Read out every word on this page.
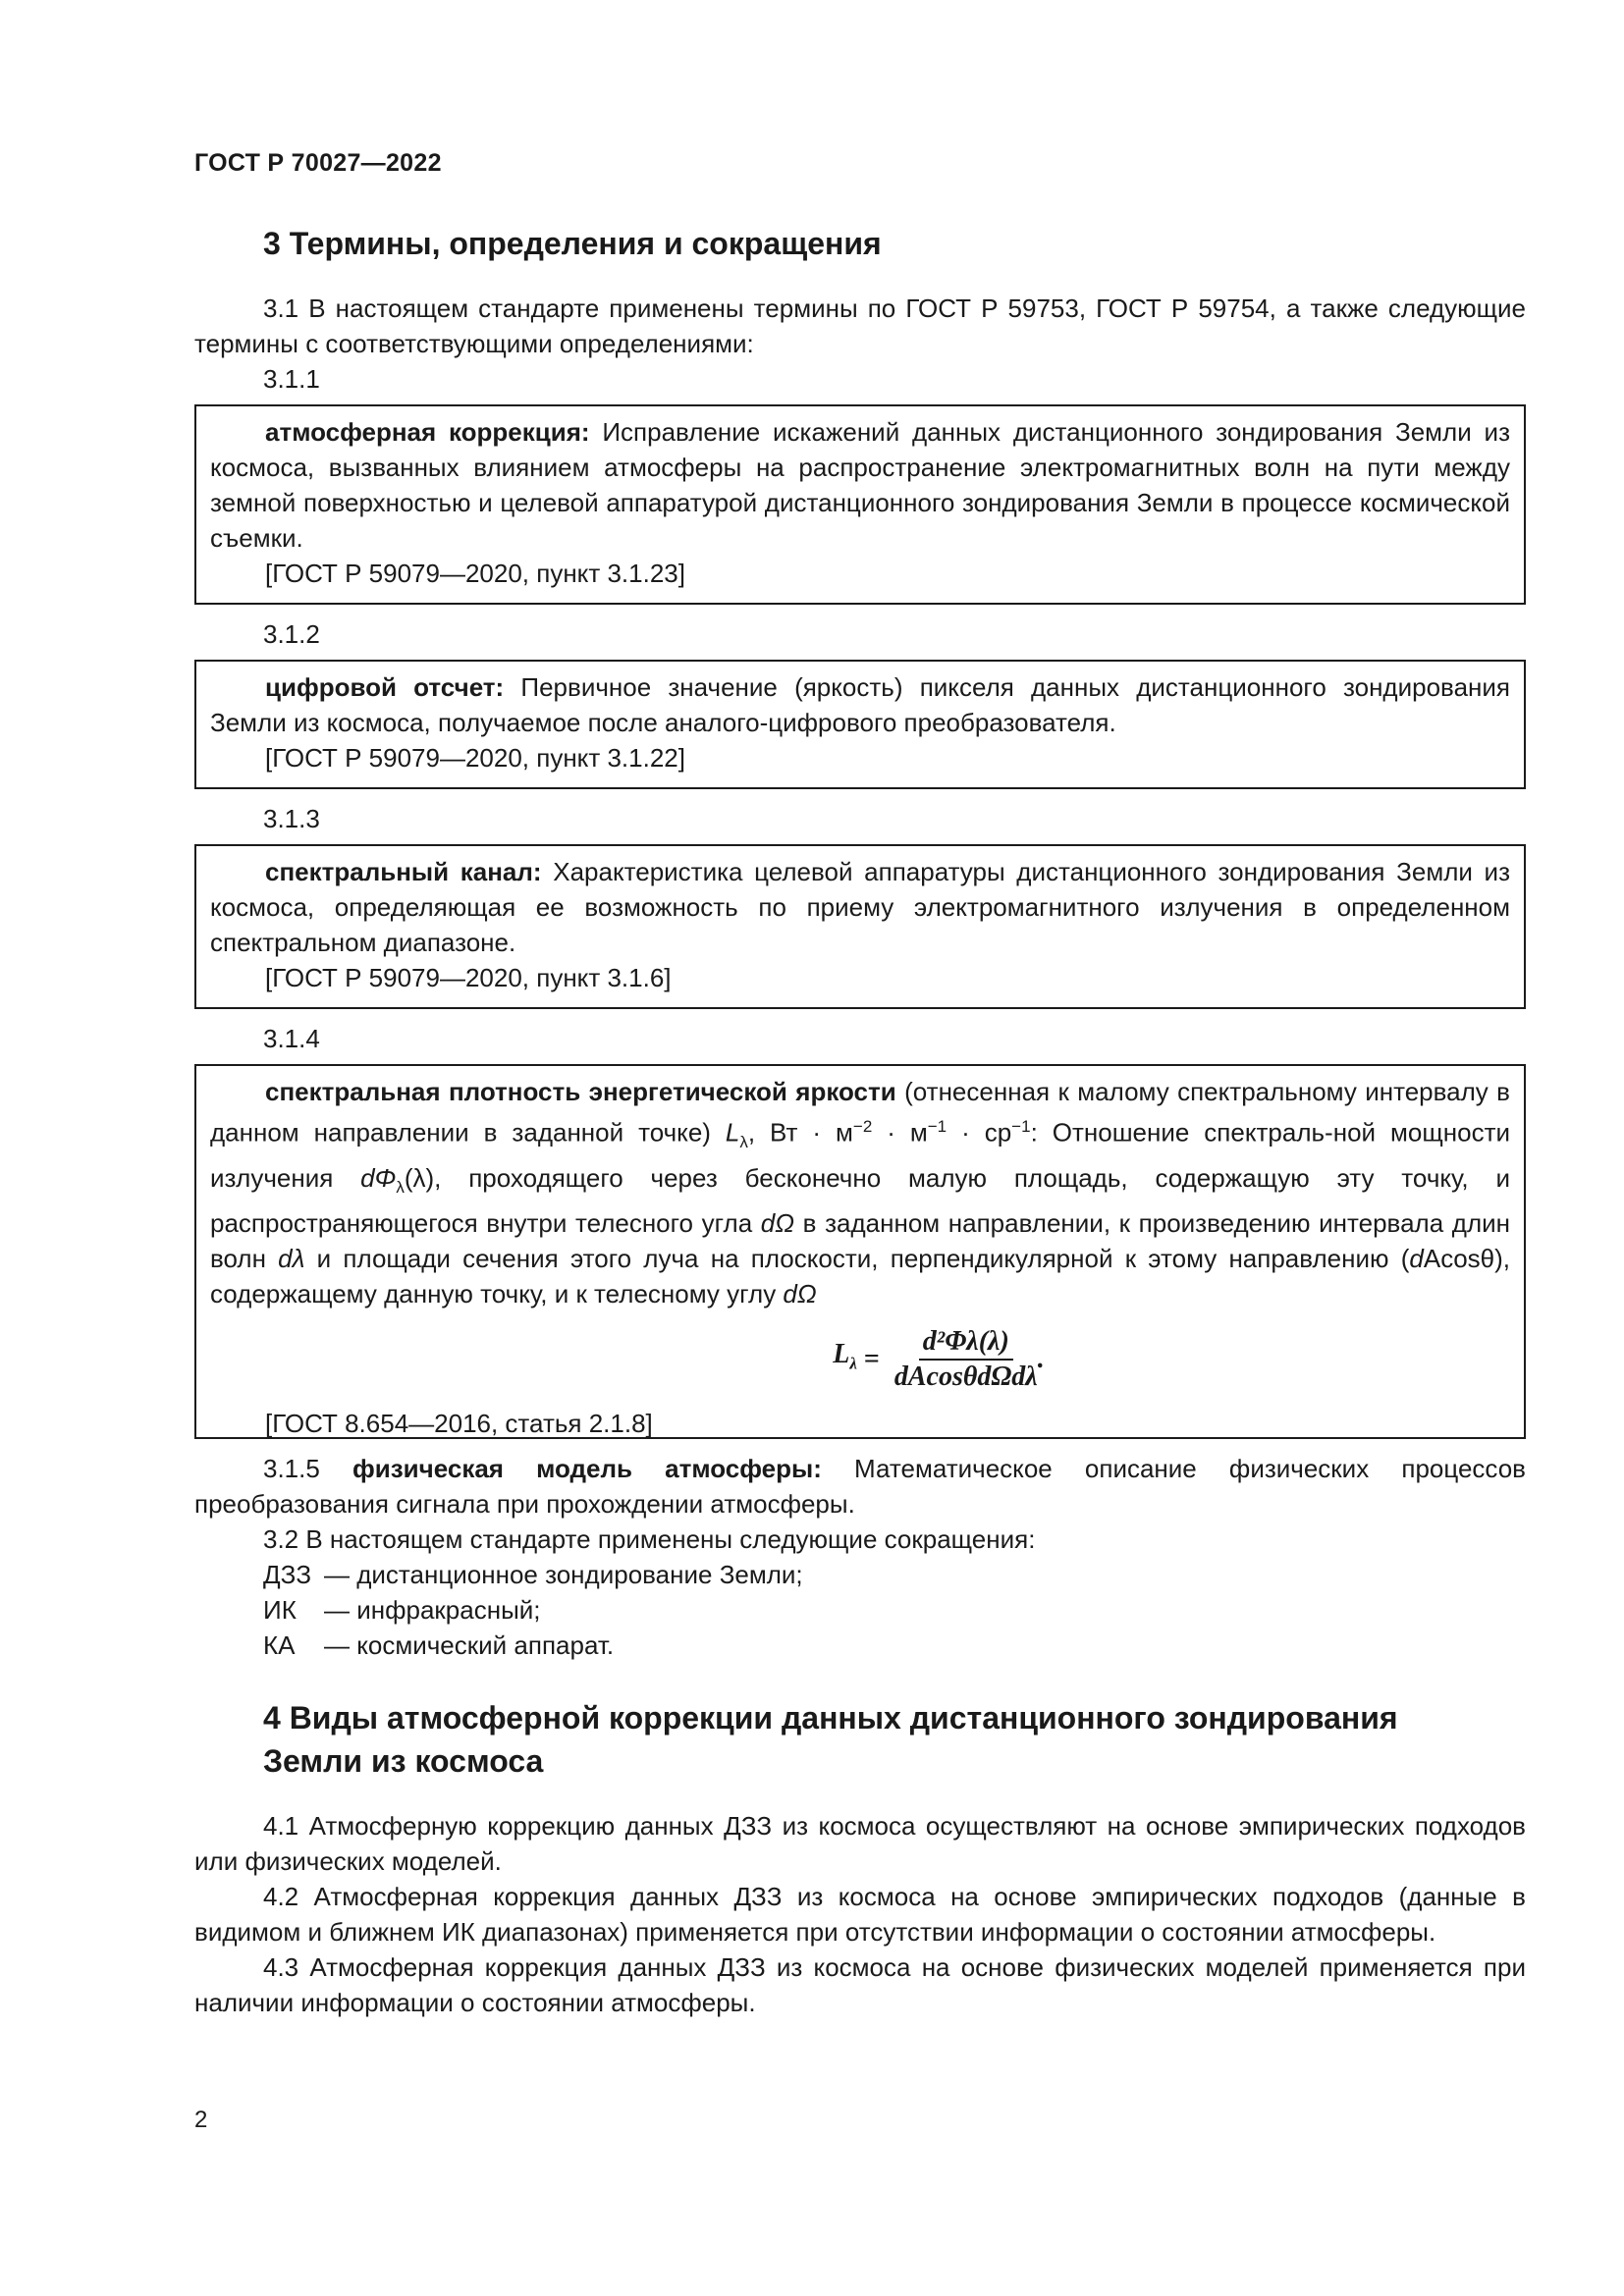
ГОСТ Р 70027—2022
3 Термины, определения и сокращения
3.1 В настоящем стандарте применены термины по ГОСТ Р 59753, ГОСТ Р 59754, а также следующие термины с соответствующими определениями:
3.1.1

атмосферная коррекция: Исправление искажений данных дистанционного зондирования Земли из космоса, вызванных влиянием атмосферы на распространение электромагнитных волн на пути между земной поверхностью и целевой аппаратурой дистанционного зондирования Земли в процессе космической съемки.

[ГОСТ Р 59079—2020, пункт 3.1.23]

3.1.2

цифровой отсчет: Первичное значение (яркость) пикселя данных дистанционного зондирования Земли из космоса, получаемое после аналого-цифрового преобразователя.

[ГОСТ Р 59079—2020, пункт 3.1.22]

3.1.3

спектральный канал: Характеристика целевой аппаратуры дистанционного зондирования Земли из космоса, определяющая ее возможность по приему электромагнитного излучения в определенном спектральном диапазоне.

[ГОСТ Р 59079—2020, пункт 3.1.6]

3.1.4

спектральная плотность энергетической яркости (отнесенная к малому спектральному интервалу в данном направлении в заданной точке) $L_\lambda$, Вт · $м^{-2} \cdot м^{-1} \cdot ср^{-1}$: Отношение спектраль-ной мощности излучения $d\Phi_\lambda(\lambda)$, проходящего через бесконечно малую площадь, содержащую эту точку, и распространяющегося внутри телесного угла dΩ в заданном направлении, к произведению интервала длин волн dλ и площади сечения этого луча на плоскости, перпендикулярной к этому направлению (dAcosθ), содержащему данную точку, и к телесному углу dΩ

$L_\lambda = \frac{\text{d²Φλ(λ)}}{\text{dAcosθdΩdλ}}$ .

[ГОСТ 8.654—2016, статья 2.1.8]

3.1.5 физическая модель атмосферы: Математическое описание физических процессов преобразования сигнала при прохождении атмосферы.
3.2 В настоящем стандарте применены следующие сокращения:
ДЗЗ — дистанционное зондирование Земли;
ИК	— инфракрасный;
КА	— космический аппарат.
4 Виды атмосферной коррекции данных дистанционного зондирования
Земли из космоса
4.1 Атмосферную коррекцию данных ДЗЗ из космоса осуществляют на основе эмпирических подходов или физических моделей.
4.2 Атмосферная коррекция данных ДЗЗ из космоса на основе эмпирических подходов (данные в видимом и ближнем ИК диапазонах) применяется при отсутствии информации о состоянии атмосферы.
4.3 Атмосферная коррекция данных ДЗЗ из космоса на основе физических моделей применяется при наличии информации о состоянии атмосферы.
2
